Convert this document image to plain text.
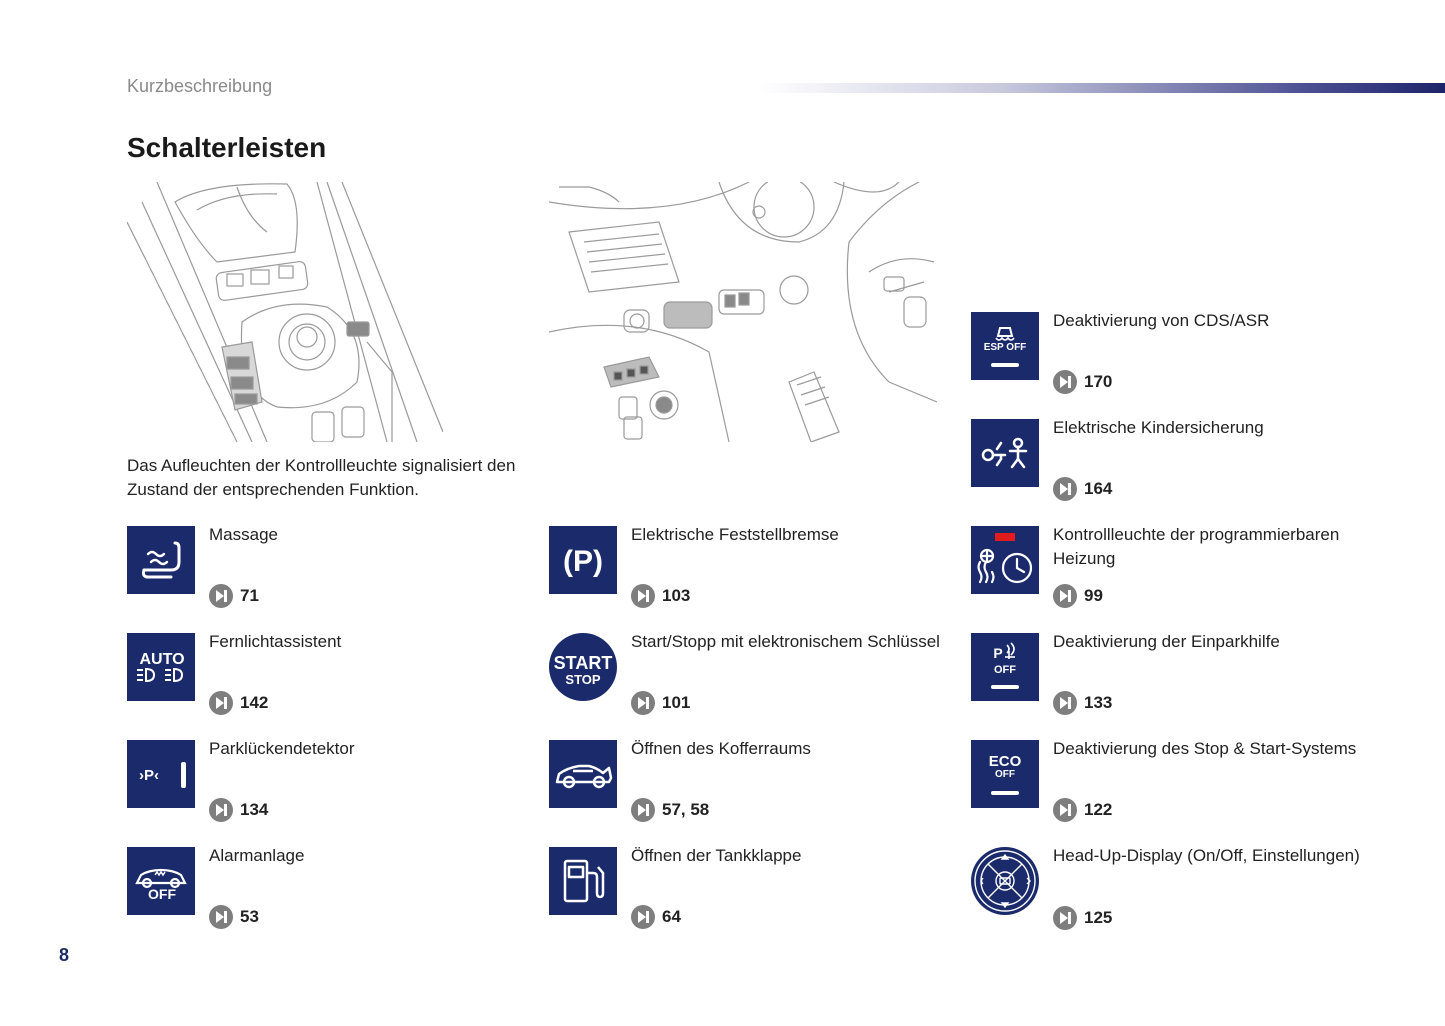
Kurzbeschreibung
Schalterleisten
Das Aufleuchten der Kontrollleuchte signalisiert den Zustand der entsprechenden Funktion.
Massage
71
AUTO
Fernlichtassistent
142
›P‹
Parklückendetektor
134
OFF
Alarmanlage
53
(P)
Elektrische Feststellbremse
103
START
STOP
Start/Stopp mit elektronischem Schlüssel
101
Öffnen des Kofferraums
57, 58
Öffnen der Tankklappe
64
ESP OFF
Deaktivierung von CDS/ASR
170
Elektrische Kindersicherung
164
Kontrollleuchte der programmierbaren Heizung
99
P
OFF
Deaktivierung der Einparkhilfe
133
ECO
OFF
Deaktivierung des Stop & Start-Systems
122
Head-Up-Display (On/Off, Einstellungen)
125
8
